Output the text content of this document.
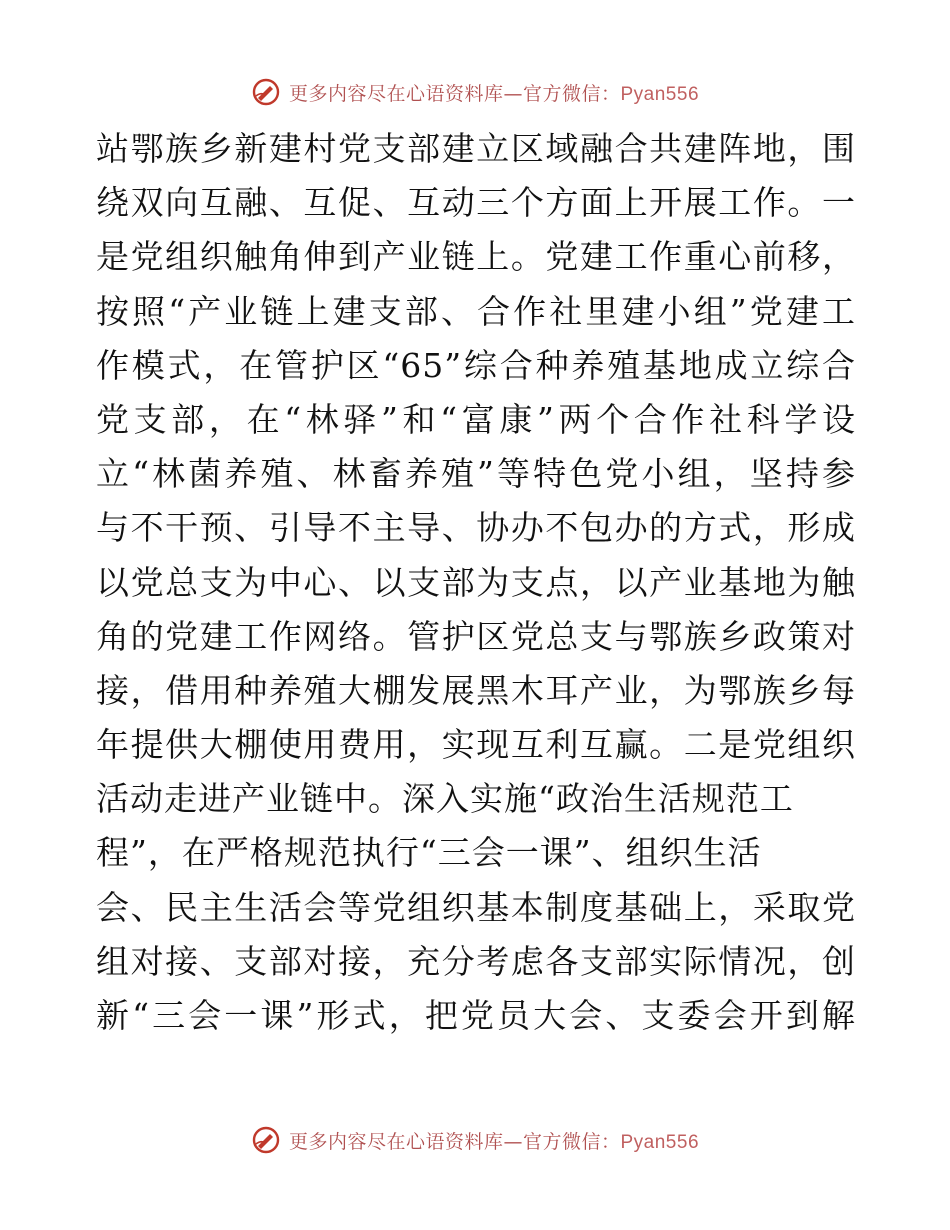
更多内容尽在心语资料库—官方微信：Pyan556
站鄂族乡新建村党支部建立区域融合共建阵地，围
绕双向互融、互促、互动三个方面上开展工作。一
是党组织触角伸到产业链上。党建工作重心前移，
按照“产业链上建支部、合作社里建小组”党建工
作模式，在管护区“65”综合种养殖基地成立综合
党支部，在“林驿”和“富康”两个合作社科学设
立“林菌养殖、林畜养殖”等特色党小组，坚持参
与不干预、引导不主导、协办不包办的方式，形成
以党总支为中心、以支部为支点，以产业基地为触
角的党建工作网络。管护区党总支与鄂族乡政策对
接，借用种养殖大棚发展黑木耳产业，为鄂族乡每
年提供大棚使用费用，实现互利互赢。二是党组织
活动走进产业链中。深入实施“政治生活规范工
程”，在严格规范执行“三会一课”、组织生活
会、民主生活会等党组织基本制度基础上，采取党
组对接、支部对接，充分考虑各支部实际情况，创
新“三会一课”形式，把党员大会、支委会开到解
更多内容尽在心语资料库—官方微信：Pyan556
